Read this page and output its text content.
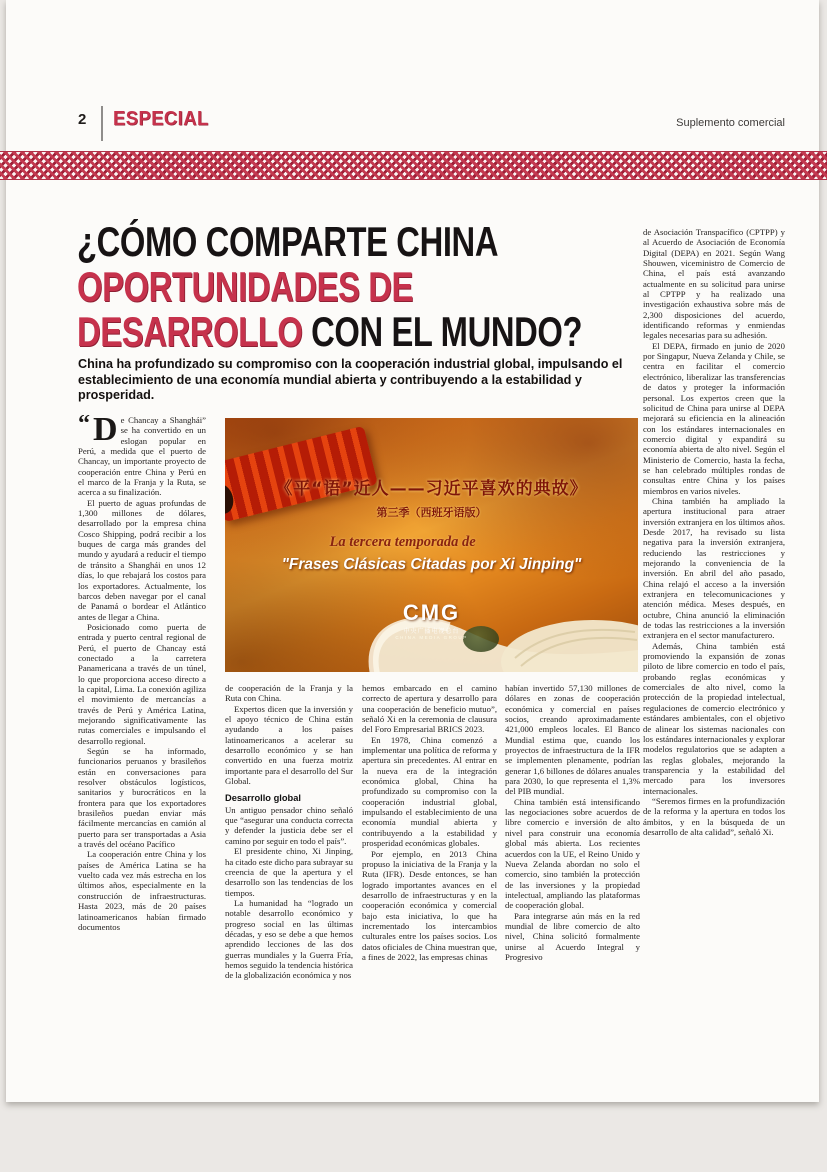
2 ESPECIAL	Suplemento comercial
¿CÓMO COMPARTE CHINA
OPORTUNIDADES DE
DESARROLLO CON EL MUNDO?
China ha profundizado su compromiso con la cooperación industrial global, impulsando el establecimiento de una economía mundial abierta y contribuyendo a la estabilidad y prosperidad.
《平“语”近人——习近平喜欢的典故》
第三季（西班牙语版）
La tercera temporada de
"Frases Clásicas Citadas por Xi Jinping"
CMG
中央广播电视总台
CHINA MEDIA GROUP

“ D e Chancay a Shanghái” se ha convertido en un eslogan popular en Perú, a medida que el puerto de Chancay, un importante proyecto de cooperación entre China y Perú en el marco de la Franja y la Ruta, se acerca a su finalización.

El puerto de aguas profundas de 1,300 millones de dólares, desarrollado por la empresa china Cosco Shipping, podrá recibir a los buques de carga más grandes del mundo y ayudará a reducir el tiempo de tránsito a Shanghái en unos 12 días, lo que rebajará los costos para los exportadores. Actualmente, los barcos deben navegar por el canal de Panamá o bordear el Atlántico antes de llegar a China.

Posicionado como puerta de entrada y puerto central regional de Perú, el puerto de Chancay está conectado a la carretera Panamericana a través de un túnel, lo que proporciona acceso directo a la capital, Lima. La conexión agiliza el movimiento de mercancías a través de Perú y América Latina, mejorando significativamente las rutas comerciales e impulsando el desarrollo regional.

Según se ha informado, funcionarios peruanos y brasileños están en conversaciones para resolver obstáculos logísticos, sanitarios y burocráticos en la frontera para que los exportadores brasileños puedan enviar más fácilmente mercancías en camión al puerto para ser transportadas a Asia a través del océano Pacífico

La cooperación entre China y los países de América Latina se ha vuelto cada vez más estrecha en los últimos años, especialmente en la construcción de infraestructuras. Hasta 2023, más de 20 países latinoamericanos habían firmado documentos

de cooperación de la Franja y la Ruta con China.

Expertos dicen que la inversión y el apoyo técnico de China están ayudando a los países latinoamericanos a acelerar su desarrollo económico y se han convertido en una fuerza motriz importante para el desarrollo del Sur Global.

Desarrollo global

Un antiguo pensador chino señaló que “asegurar una conducta correcta y defender la justicia debe ser el camino por seguir en todo el país”.

El presidente chino, Xi Jinping, ha citado este dicho para subrayar su creencia de que la apertura y el desarrollo son las tendencias de los tiempos.

La humanidad ha “logrado un notable desarrollo económico y progreso social en las últimas décadas, y eso se debe a que hemos aprendido lecciones de las dos guerras mundiales y la Guerra Fría, hemos seguido la tendencia histórica de la globalización económica y nos

hemos embarcado en el camino correcto de apertura y desarrollo para una cooperación de beneficio mutuo”, señaló Xi en la ceremonia de clausura del Foro Empresarial BRICS 2023.

En 1978, China comenzó a implementar una política de reforma y apertura sin precedentes. Al entrar en la nueva era de la integración económica global, China ha profundizado su compromiso con la cooperación industrial global, impulsando el establecimiento de una economía mundial abierta y contribuyendo a la estabilidad y prosperidad económicas globales.

Por ejemplo, en 2013 China propuso la iniciativa de la Franja y la Ruta (IFR). Desde entonces, se han logrado importantes avances en el desarrollo de infraestructuras y en la cooperación económica y comercial bajo esta iniciativa, lo que ha incrementado los intercambios culturales entre los países socios. Los datos oficiales de China muestran que, a fines de 2022, las empresas chinas

habían invertido 57,130 millones de dólares en zonas de cooperación económica y comercial en países socios, creando aproximadamente 421,000 empleos locales. El Banco Mundial estima que, cuando los proyectos de infraestructura de la IFR se implementen plenamente, podrían generar 1,6 billones de dólares anuales para 2030, lo que representa el 1,3% del PIB mundial.

China también está intensificando las negociaciones sobre acuerdos de libre comercio e inversión de alto nivel para construir una economía global más abierta. Los recientes acuerdos con la UE, el Reino Unido y Nueva Zelanda abordan no solo el comercio, sino también la protección de las inversiones y la propiedad intelectual, ampliando las plataformas de cooperación global.

Para integrarse aún más en la red mundial de libre comercio de alto nivel, China solicitó formalmente unirse al Acuerdo Integral y Progresivo

de Asociación Transpacífico (CPTPP) y al Acuerdo de Asociación de Economía Digital (DEPA) en 2021. Según Wang Shouwen, viceministro de Comercio de China, el país está avanzando actualmente en su solicitud para unirse al CPTPP y ha realizado una investigación exhaustiva sobre más de 2,300 disposiciones del acuerdo, identificando reformas y enmiendas legales necesarias para su adhesión.

El DEPA, firmado en junio de 2020 por Singapur, Nueva Zelanda y Chile, se centra en facilitar el comercio electrónico, liberalizar las transferencias de datos y proteger la información personal. Los expertos creen que la solicitud de China para unirse al DEPA mejorará su eficiencia en la alineación con los estándares internacionales en comercio digital y expandirá su economía abierta de alto nivel. Según el Ministerio de Comercio, hasta la fecha, se han celebrado múltiples rondas de consultas entre China y los países miembros en varios niveles.

China también ha ampliado la apertura institucional para atraer inversión extranjera en los últimos años. Desde 2017, ha revisado su lista negativa para la inversión extranjera, reduciendo las restricciones y mejorando la conveniencia de la inversión. En abril del año pasado, China relajó el acceso a la inversión extranjera en telecomunicaciones y atención médica. Meses después, en octubre, China anunció la eliminación de todas las restricciones a la inversión extranjera en el sector manufacturero.

Además, China también está promoviendo la expansión de zonas piloto de libre comercio en todo el país, probando reglas económicas y comerciales de alto nivel, como la protección de la propiedad intelectual, regulaciones de comercio electrónico y estándares ambientales, con el objetivo de alinear los sistemas nacionales con los estándares internacionales y explorar modelos regulatorios que se adapten a las reglas globales, mejorando la transparencia y la estabilidad del mercado para los inversores internacionales.

“Seremos firmes en la profundización de la reforma y la apertura en todos los ámbitos, y en la búsqueda de un desarrollo de alta calidad”, señaló Xi.
